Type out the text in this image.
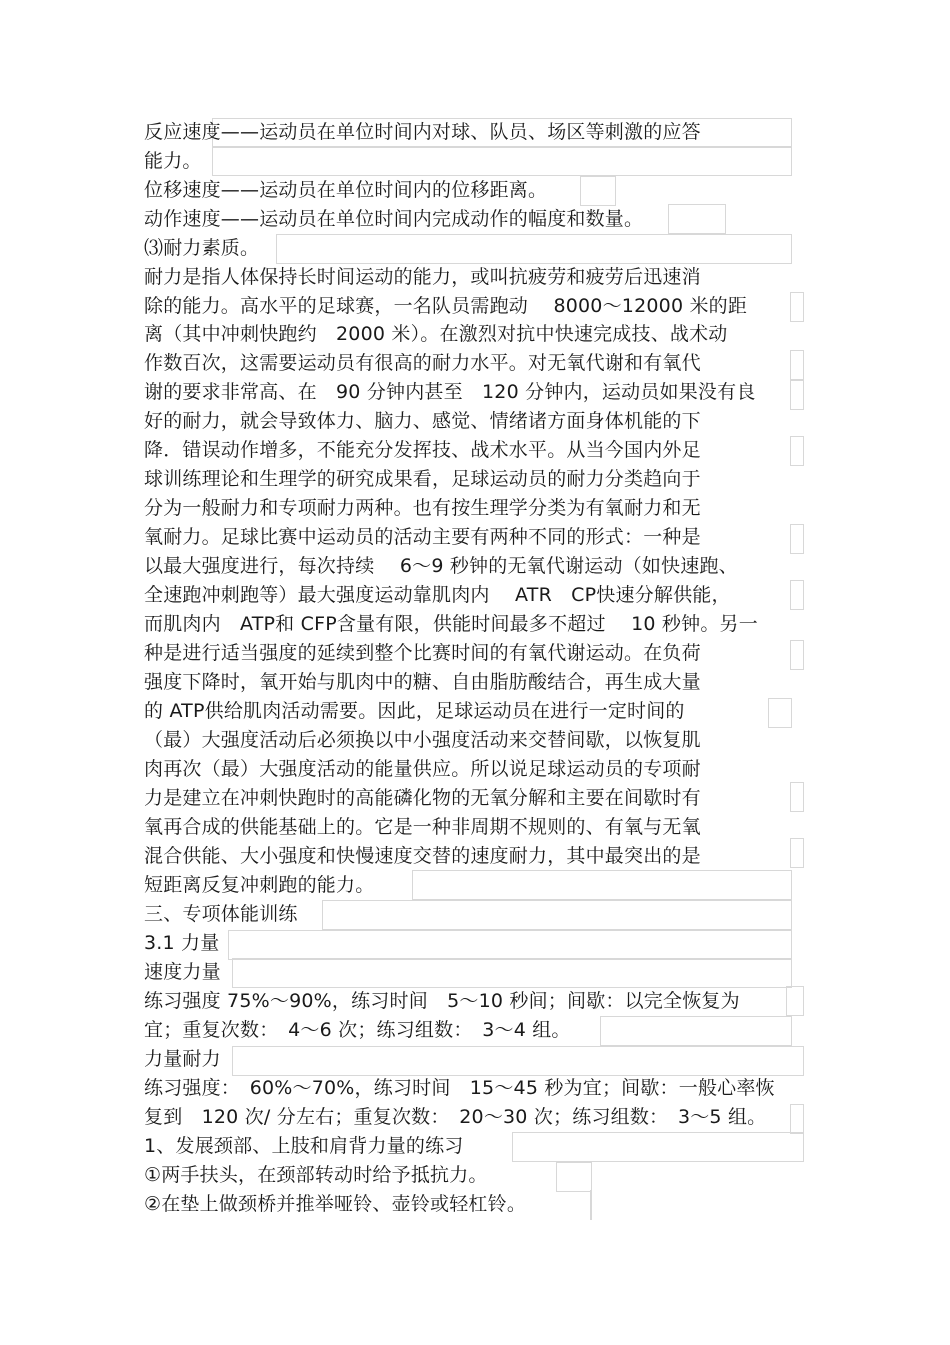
反应速度——运动员在单位时间内对球、队员、场区等刺激的应答
能力。
位移速度——运动员在单位时间内的位移距离。
动作速度——运动员在单位时间内完成动作的幅度和数量。
⑶耐力素质。
耐力是指人体保持长时间运动的能力，或叫抗疲劳和疲劳后迅速消
除的能力。高水平的足球赛，一名队员需跑动　 8000～12000 米的距
离（其中冲刺快跑约　2000 米）。在激烈对抗中快速完成技、战术动
作数百次，这需要运动员有很高的耐力水平。对无氧代谢和有氧代
谢的要求非常高、在　90 分钟内甚至　120 分钟内，运动员如果没有良
好的耐力，就会导致体力、脑力、感觉、情绪诸方面身体机能的下
降．错误动作增多，不能充分发挥技、战术水平。从当今国内外足
球训练理论和生理学的研究成果看，足球运动员的耐力分类趋向于
分为一般耐力和专项耐力两种。也有按生理学分类为有氧耐力和无
氧耐力。足球比赛中运动员的活动主要有两种不同的形式：一种是
以最大强度进行，每次持续　 6～9 秒钟的无氧代谢运动（如快速跑、
全速跑冲刺跑等）最大强度运动靠肌肉内　 ATR　CP快速分解供能，
而肌肉内　ATP和 CFP含量有限，供能时间最多不超过　 10 秒钟。另一
种是进行适当强度的延续到整个比赛时间的有氧代谢运动。在负荷
强度下降时，氧开始与肌肉中的糖、自由脂肪酸结合，再生成大量
的 ATP供给肌肉活动需要。因此，足球运动员在进行一定时间的
（最）大强度活动后必须换以中小强度活动来交替间歇，以恢复肌
肉再次（最）大强度活动的能量供应。所以说足球运动员的专项耐
力是建立在冲刺快跑时的高能磷化物的无氧分解和主要在间歇时有
氧再合成的供能基础上的。它是一种非周期不规则的、有氧与无氧
混合供能、大小强度和快慢速度交替的速度耐力，其中最突出的是
短距离反复冲刺跑的能力。
三、专项体能训练
3.1 力量
速度力量
练习强度 75%～90%，练习时间　5～10 秒间；间歇：以完全恢复为
宜；重复次数：　4～6 次；练习组数：　3～4 组。
力量耐力
练习强度：　60%～70%，练习时间　15～45 秒为宜；间歇：一般心率恢
复到　120 次/ 分左右；重复次数：　20～30 次；练习组数：　3～5 组。
1、发展颈部、上肢和肩背力量的练习
①两手扶头，在颈部转动时给予抵抗力。
②在垫上做颈桥并推举哑铃、壶铃或轻杠铃。
